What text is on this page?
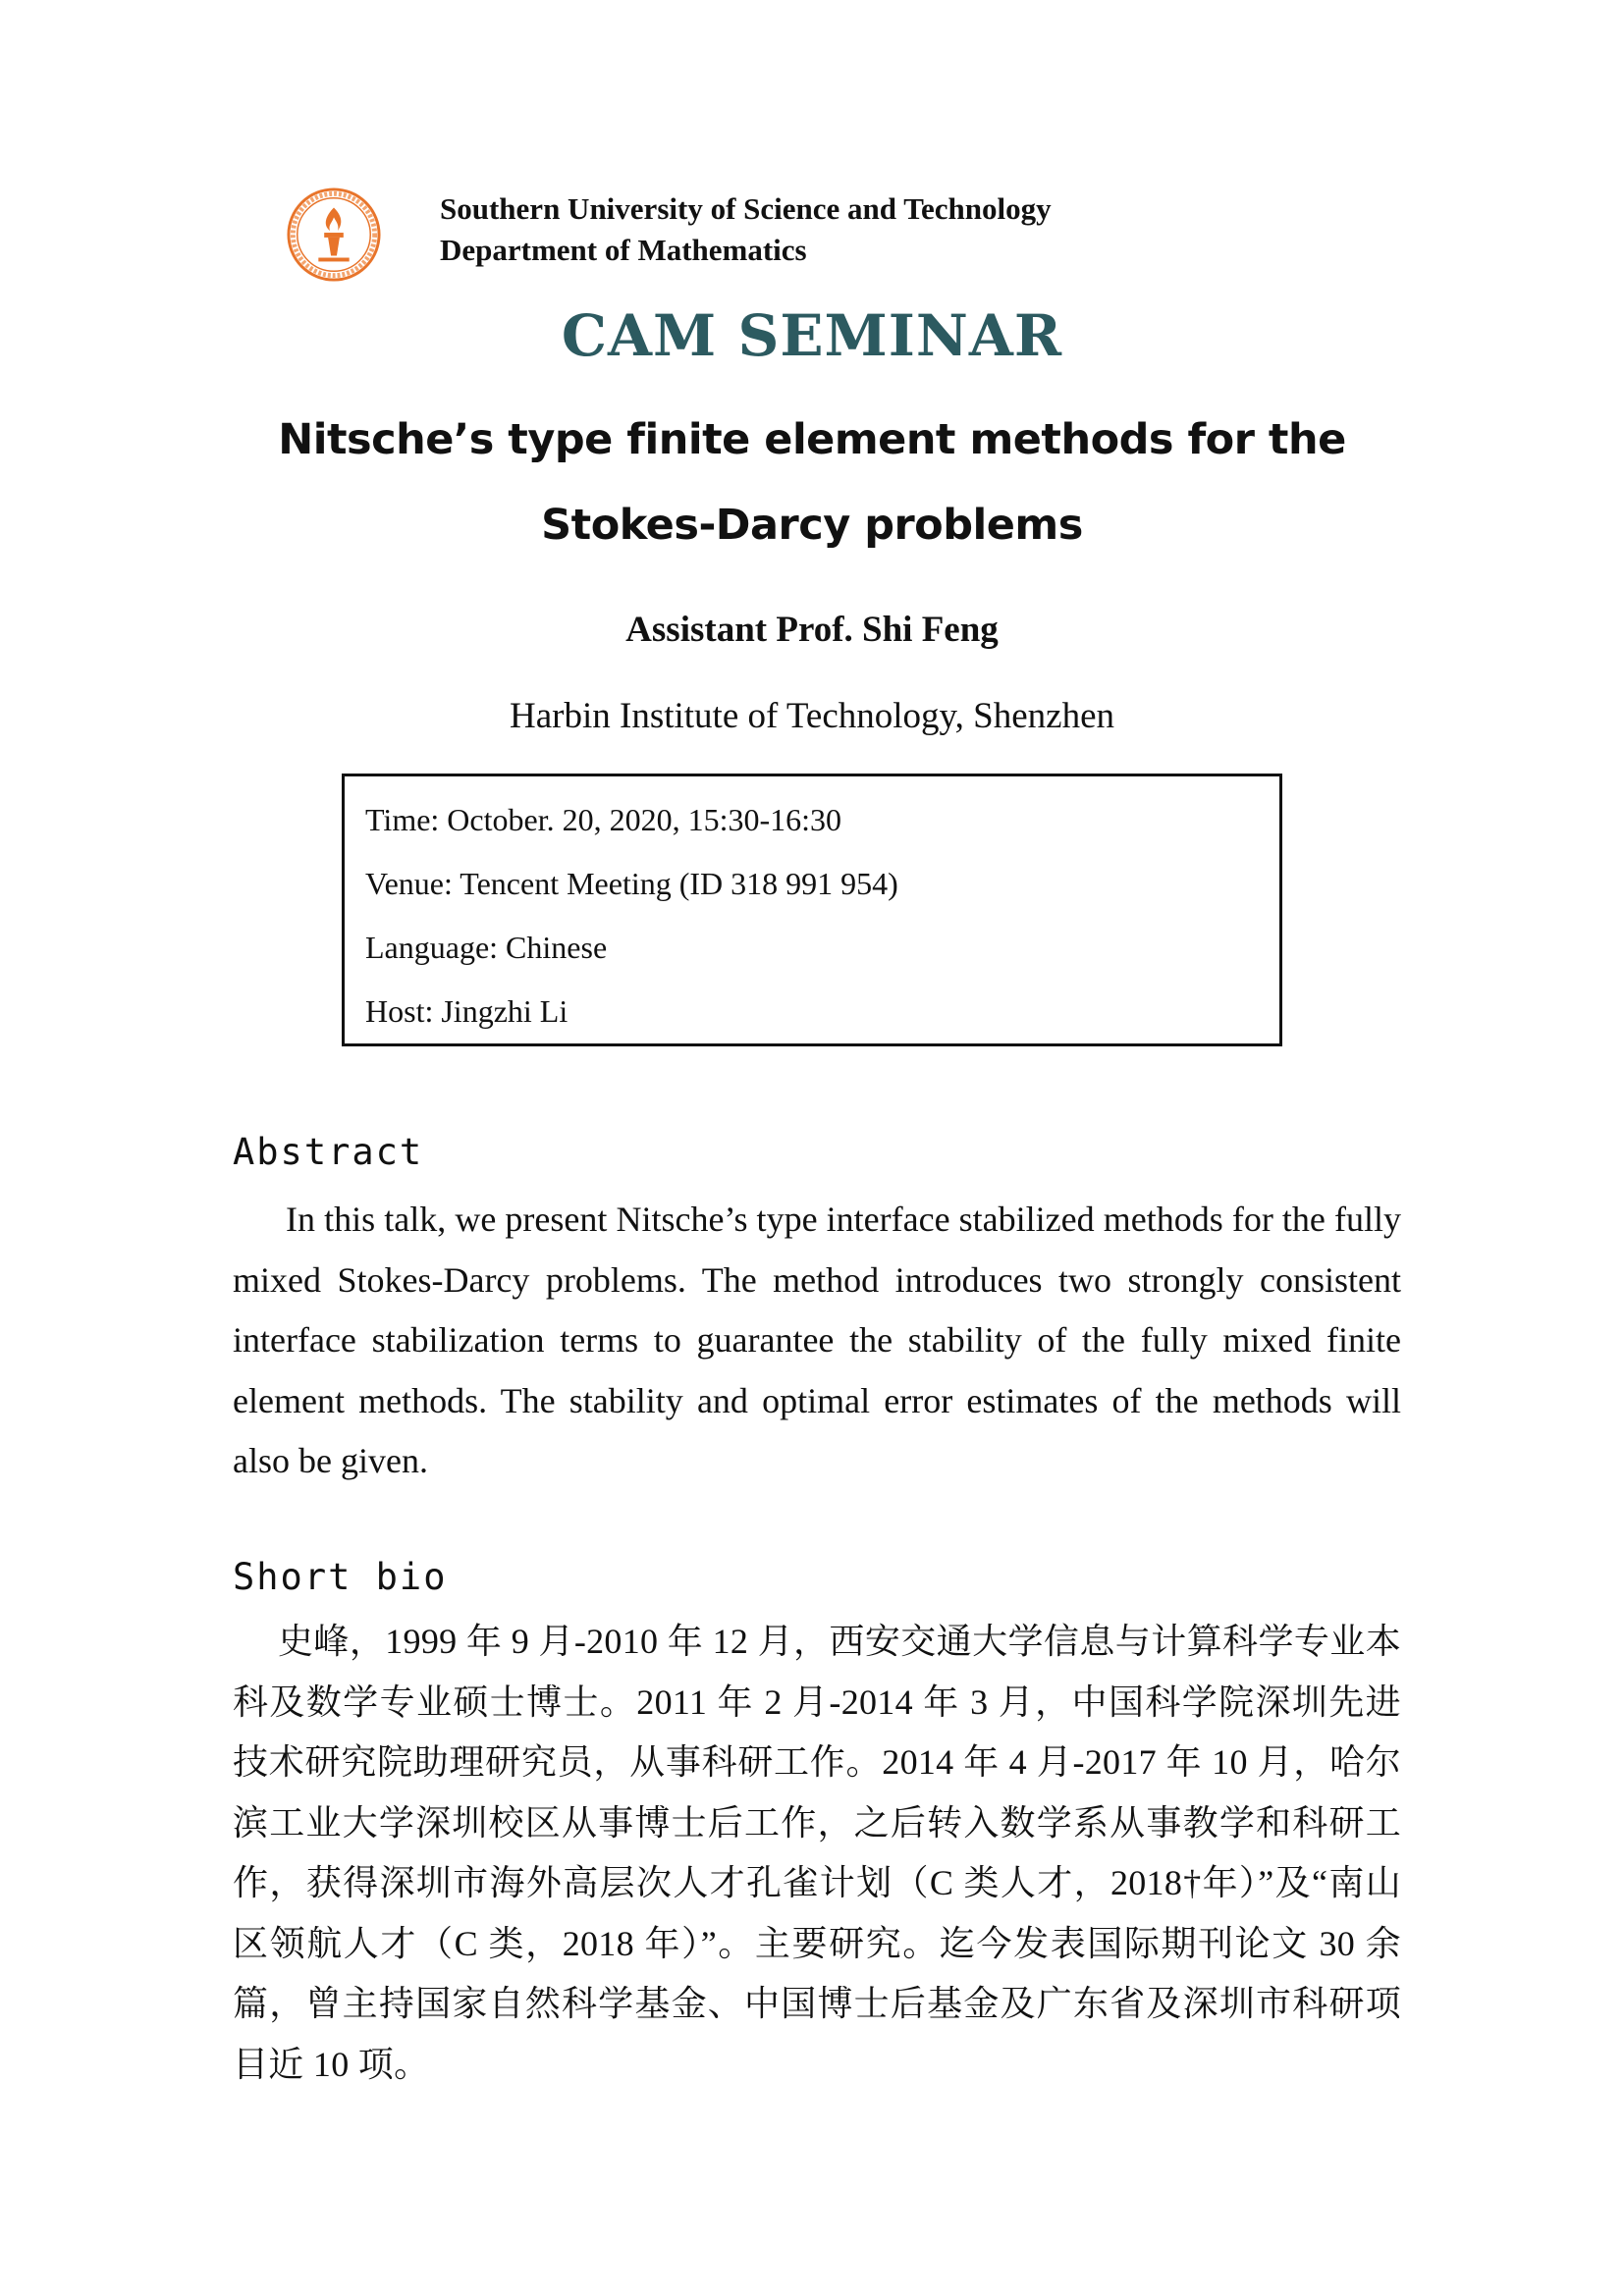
Southern University of Science and Technology
Department of Mathematics
CAM SEMINAR
Nitsche’s type finite element methods for the
Stokes-Darcy problems
Assistant Prof. Shi Feng
Harbin Institute of Technology, Shenzhen
Time: October. 20, 2020, 15:30-16:30
Venue: Tencent Meeting (ID 318 991 954)
Language: Chinese
Host: Jingzhi Li
Abstract
In this talk, we present Nitsche’s type interface stabilized methods for the fully mixed Stokes-Darcy problems. The method introduces two strongly consistent interface stabilization terms to guarantee the stability of the fully mixed finite element methods. The stability and optimal error estimates of the methods will also be given.
Short bio
史峰，1999 年 9 月-2010 年 12 月，西安交通大学信息与计算科学专业本科及数学专业硕士博士。2011 年 2 月-2014 年 3 月，中国科学院深圳先进技术研究院助理研究员，从事科研工作。2014 年 4 月-2017 年 10 月，哈尔滨工业大学深圳校区从事博士后工作，之后转入数学系从事教学和科研工作，获得深圳市海外高层次人才孔雀计划（C 类人才，2018†年）”及“南山区领航人才（C 类，2018 年）”。主要研究。迄今发表国际期刊论文 30 余篇，曾主持国家自然科学基金、中国博士后基金及广东省及深圳市科研项目近 10 项。
